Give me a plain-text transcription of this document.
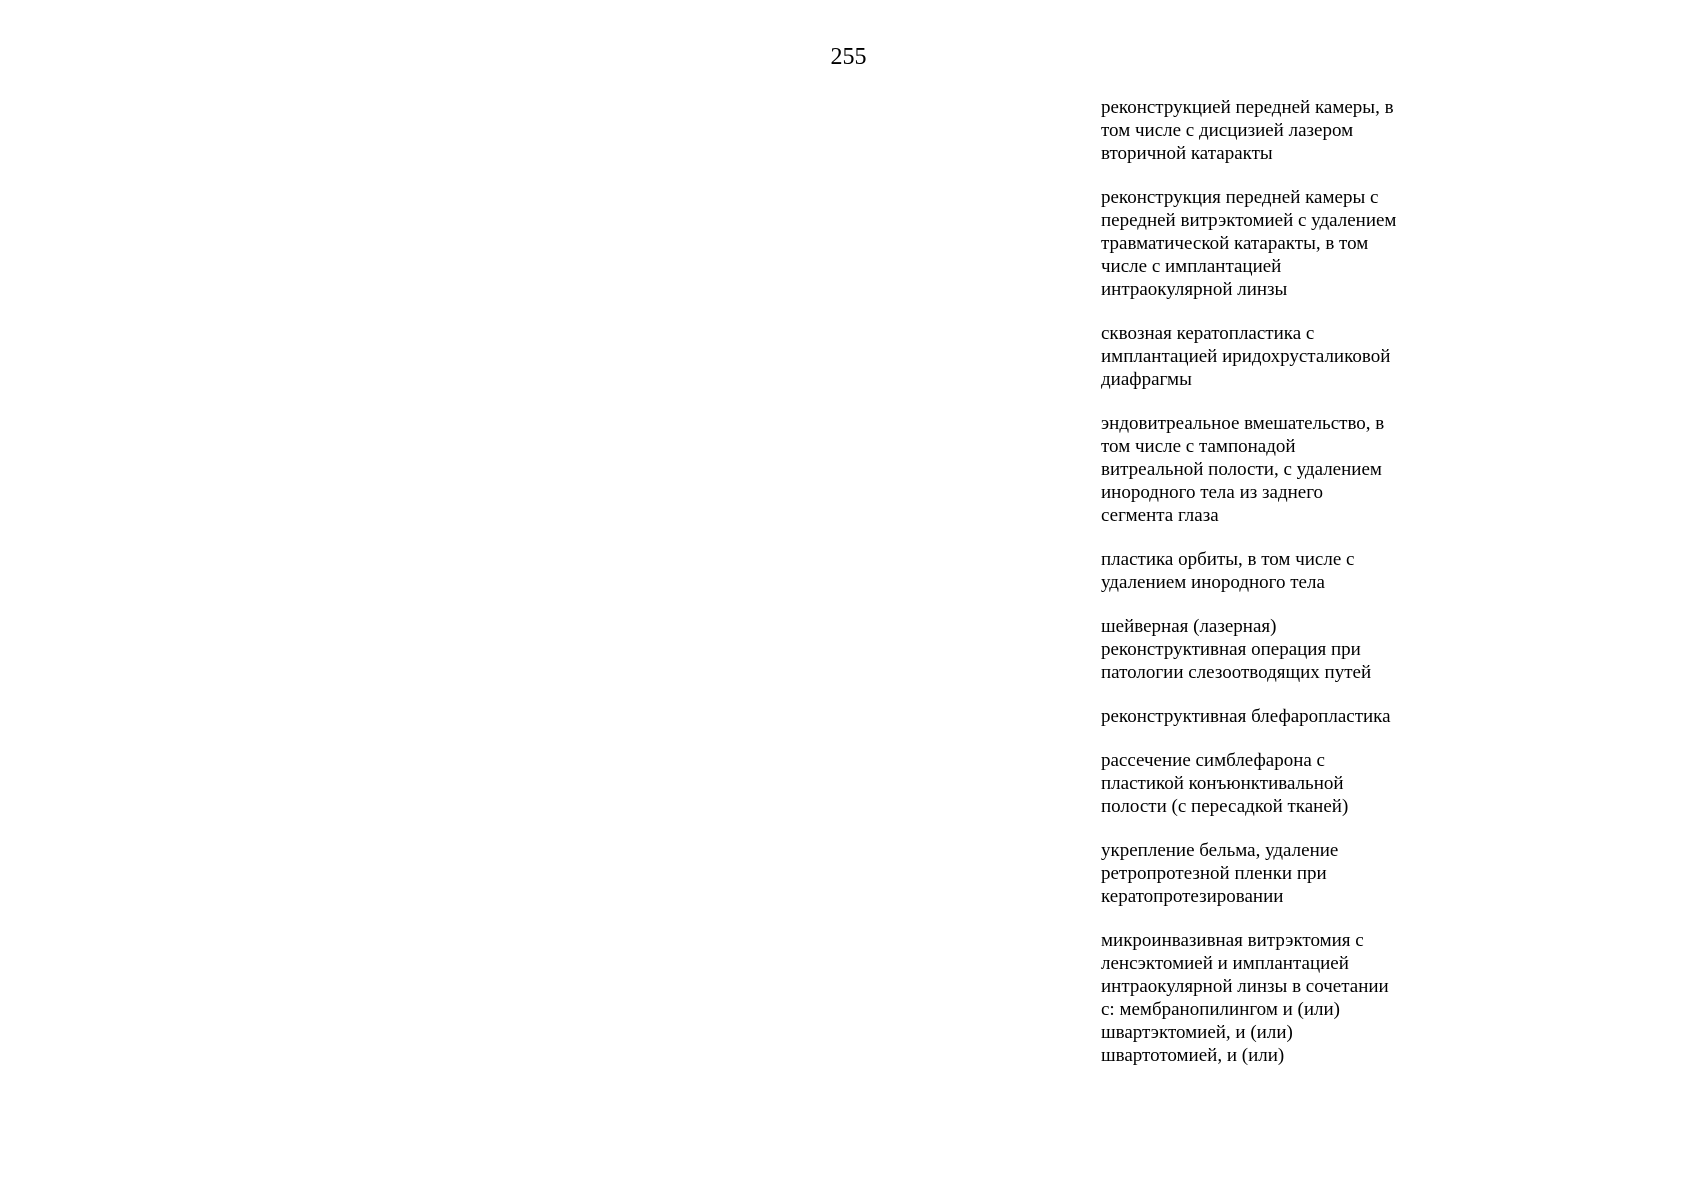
255
реконструкцией передней камеры, в
том числе с дисцизией лазером
вторичной катаракты
реконструкция передней камеры с
передней витрэктомией с удалением
травматической катаракты, в том
числе с имплантацией
интраокулярной линзы
сквозная кератопластика с
имплантацией иридохрусталиковой
диафрагмы
эндовитреальное вмешательство, в
том числе с тампонадой
витреальной полости, с удалением
инородного тела из заднего
сегмента глаза
пластика орбиты, в том числе с
удалением инородного тела
шейверная (лазерная)
реконструктивная операция при
патологии слезоотводящих путей
реконструктивная блефаропластика
рассечение симблефарона с
пластикой конъюнктивальной
полости (с пересадкой тканей)
укрепление бельма, удаление
ретропротезной пленки при
кератопротезировании
микроинвазивная витрэктомия с
ленсэктомией и имплантацией
интраокулярной линзы в сочетании
с: мембранопилингом и (или)
швартэктомией, и (или)
швартотомией, и (или)
